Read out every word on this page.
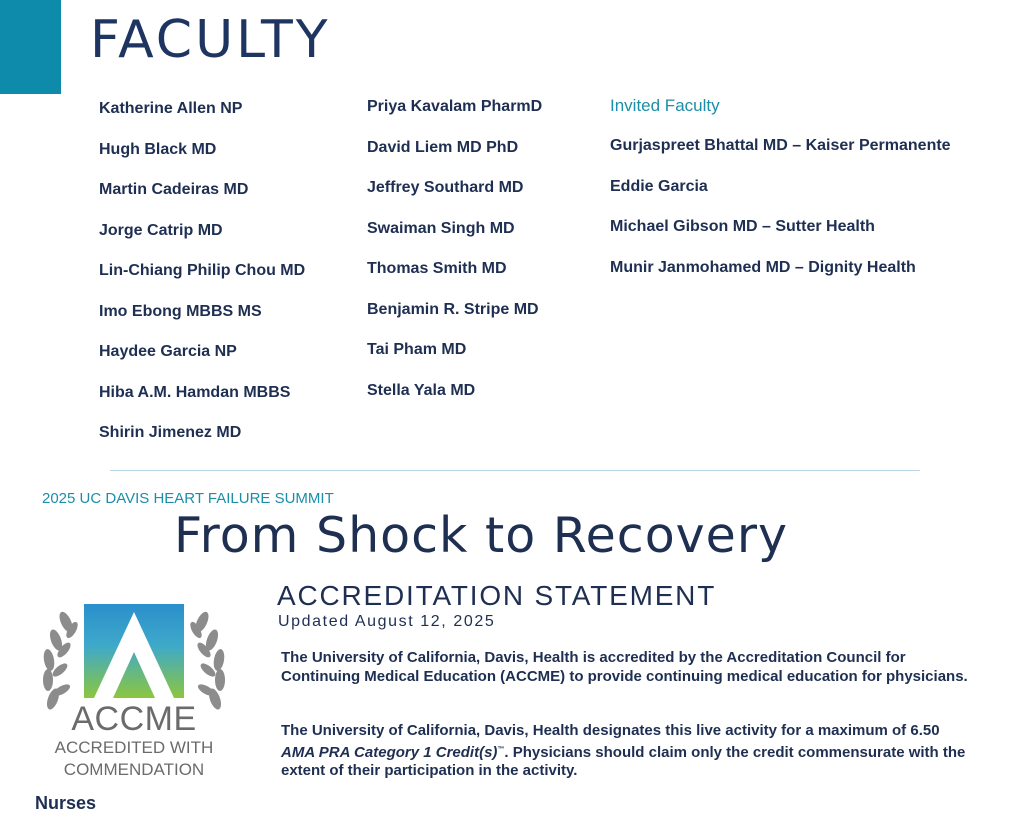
FACULTY
Katherine Allen NP
Hugh Black MD
Martin Cadeiras MD
Jorge Catrip MD
Lin-Chiang Philip Chou MD
Imo Ebong MBBS MS
Haydee Garcia NP
Hiba A.M. Hamdan MBBS
Shirin Jimenez MD
Priya Kavalam PharmD
David Liem MD PhD
Jeffrey Southard MD
Swaiman Singh MD
Thomas Smith MD
Benjamin R. Stripe MD
Tai Pham MD
Stella Yala MD
Invited Faculty
Gurjaspreet Bhattal MD – Kaiser Permanente
Eddie Garcia
Michael Gibson MD – Sutter Health
Munir Janmohamed MD – Dignity Health
2025 UC DAVIS HEART FAILURE SUMMIT
From Shock to Recovery
ACCREDITATION STATEMENT
Updated August 12, 2025

The University of California, Davis, Health is accredited by the Accreditation Council for Continuing Medical Education (ACCME) to provide continuing medical education for physicians.

The University of California, Davis, Health designates this live activity for a maximum of 6.50 AMA PRA Category 1 Credit(s)™. Physicians should claim only the credit commensurate with the extent of their participation in the activity.

ACCME
ACCREDITED WITH
COMMENDATION
Nurses
